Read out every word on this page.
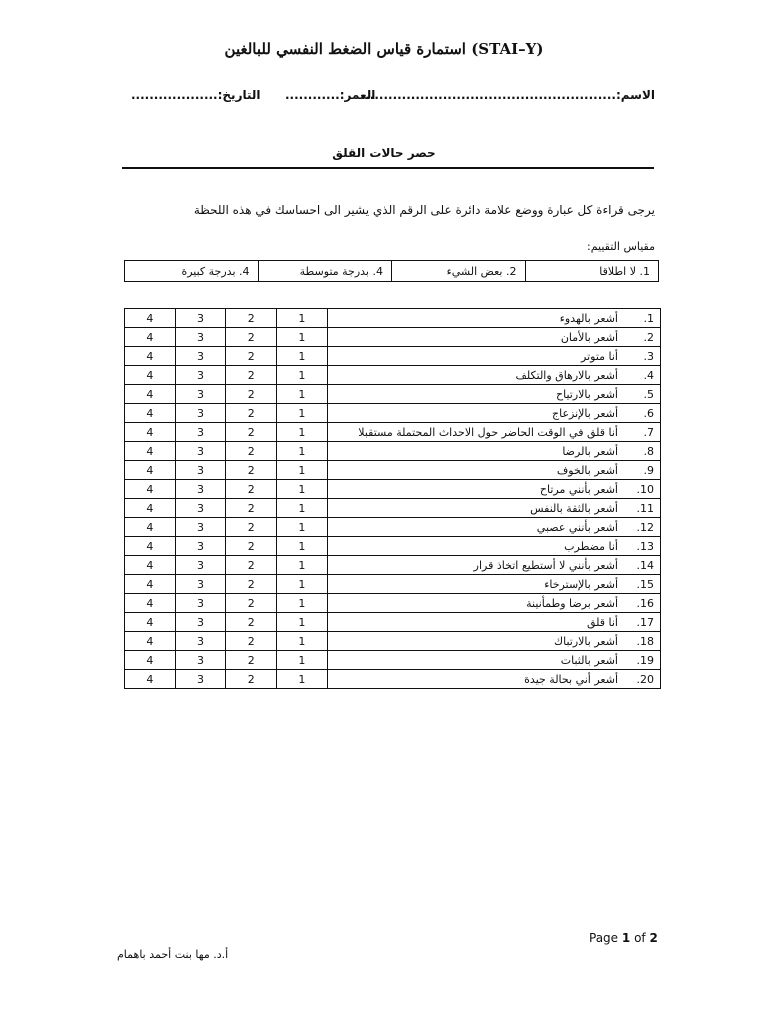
استمارة قياس الضغط النفسي للبالغين (STAI–Y)
الاسم:........................................................
العمر:............
التاريخ:...................
حصر حالات القلق
يرجى قراءة كل عبارة ووضع علامة دائرة على الرقم الذي يشير الى احساسك في هذه اللحظة
مقياس التقييم:
1. لا اطلاقا	2. بعض الشيء	4. بدرجة متوسطة	4. بدرجة كبيرة
1.أشعر بالهدوء	1	2	3	4
2.أشعر بالأمان	1	2	3	4
3.أنا متوتر	1	2	3	4
4.أشعر بالارهاق والتكلف	1	2	3	4
5.أشعر بالارتياح	1	2	3	4
6.أشعر بالإنزعاج	1	2	3	4
7.أنا قلق في الوقت الحاضر حول الاحداث المحتملة مستقبلا	1	2	3	4
8.أشعر بالرضا	1	2	3	4
9.أشعر بالخوف	1	2	3	4
10.أشعر بأنني مرتاح	1	2	3	4
11.أشعر بالثقة بالنفس	1	2	3	4
12.أشعر بأنني عصبي	1	2	3	4
13.أنا مضطرب	1	2	3	4
14.أشعر بأنني لا أستطيع اتخاذ قرار	1	2	3	4
15.أشعر بالإسترخاء	1	2	3	4
16.أشعر برضا وطمأنينة	1	2	3	4
17.أنا قلق	1	2	3	4
18.أشعر بالارتباك	1	2	3	4
19.أشعر بالثبات	1	2	3	4
20.أشعر أني بحالة جيدة	1	2	3	4
Page 1 of 2
أ.د. مها بنت أحمد باهمام
